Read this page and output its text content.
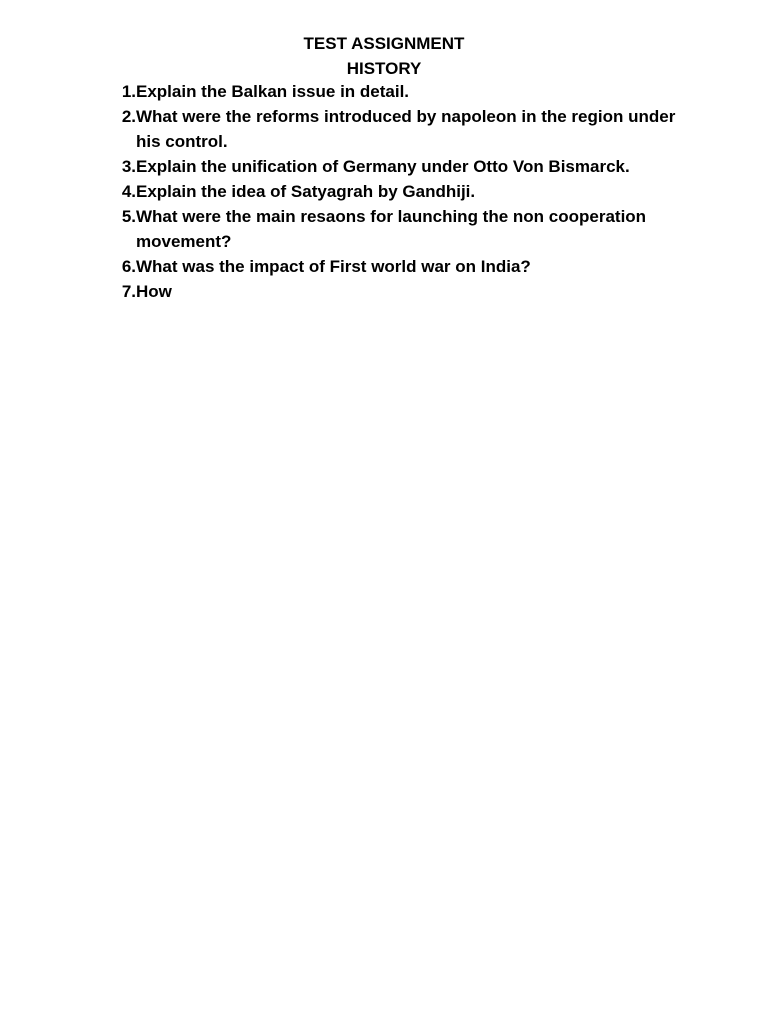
TEST ASSIGNMENT
HISTORY
1. Explain the Balkan issue in detail.
2. What were the reforms introduced by napoleon in the region under his control.
3. Explain the unification of Germany under Otto Von Bismarck.
4. Explain the idea of Satyagrah by Gandhiji.
5. What were the main resaons for launching the non cooperation movement?
6. What was the impact of First world war on India?
7. How
